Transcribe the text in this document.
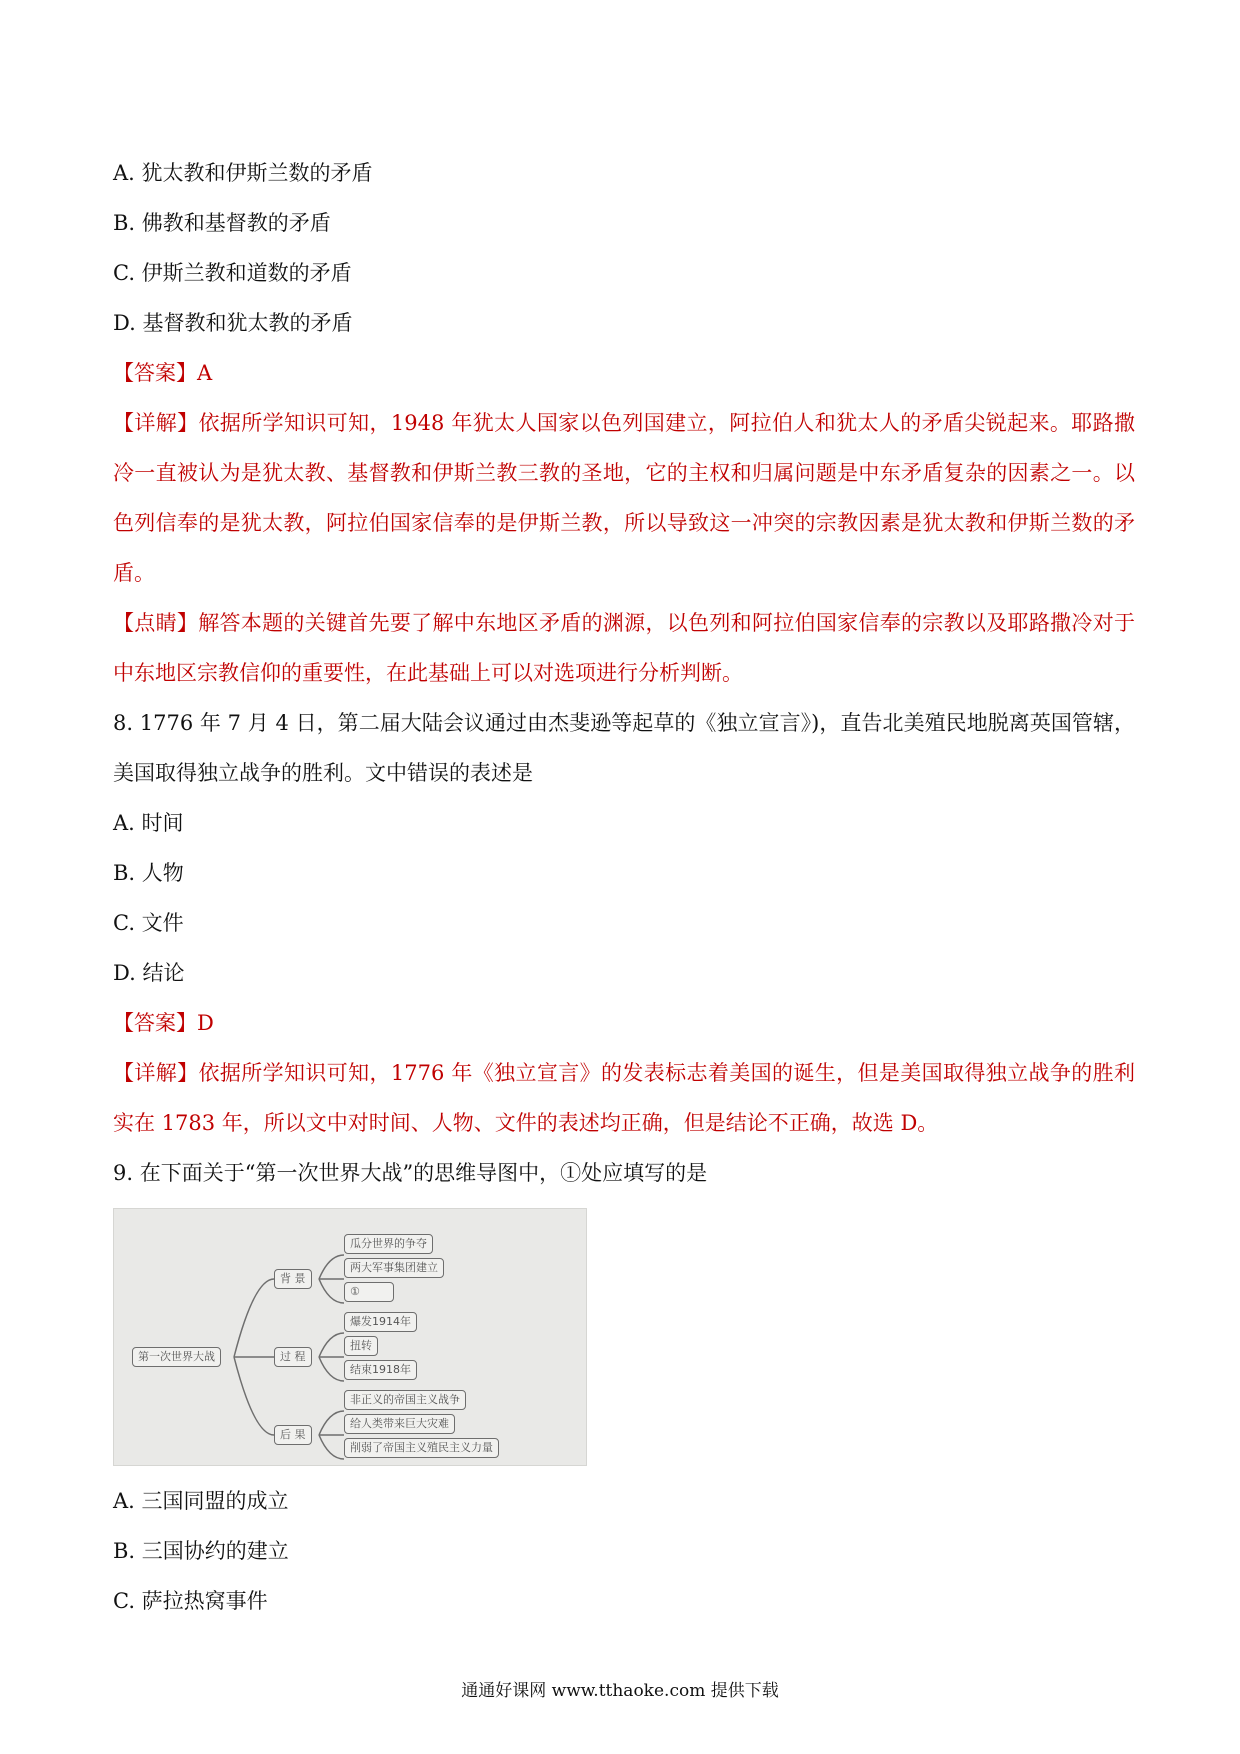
A. 犹太教和伊斯兰数的矛盾

B. 佛教和基督教的矛盾

C. 伊斯兰教和道数的矛盾

D. 基督教和犹太教的矛盾

【答案】A

【详解】依据所学知识可知，1948 年犹太人国家以色列国建立，阿拉伯人和犹太人的矛盾尖锐起来。耶路撒冷一直被认为是犹太教、基督教和伊斯兰教三教的圣地，它的主权和归属问题是中东矛盾复杂的因素之一。以色列信奉的是犹太教，阿拉伯国家信奉的是伊斯兰教，所以导致这一冲突的宗教因素是犹太教和伊斯兰数的矛盾。

【点睛】解答本题的关键首先要了解中东地区矛盾的渊源，以色列和阿拉伯国家信奉的宗教以及耶路撒冷对于中东地区宗教信仰的重要性，在此基础上可以对选项进行分析判断。

8. 1776 年 7 月 4 日，第二届大陆会议通过由杰斐逊等起草的《独立宣言》)，直告北美殖民地脱离英国管辖，美国取得独立战争的胜利。文中错误的表述是

A. 时间

B. 人物

C. 文件

D. 结论

【答案】D

【详解】依据所学知识可知，1776 年《独立宣言》的发表标志着美国的诞生，但是美国取得独立战争的胜利实在 1783 年，所以文中对时间、人物、文件的表述均正确，但是结论不正确，故选 D。

9. 在下面关于“第一次世界大战”的思维导图中，①处应填写的是

第一次世界大战
背 景
瓜分世界的争夺
两大军事集团建立
①
过 程
爆发1914年
扭转
结束1918年
后 果
非正义的帝国主义战争
给人类带来巨大灾难
削弱了帝国主义殖民主义力量

A. 三国同盟的成立

B. 三国协约的建立

C. 萨拉热窝事件

通通好课网 www.tthaoke.com 提供下载
